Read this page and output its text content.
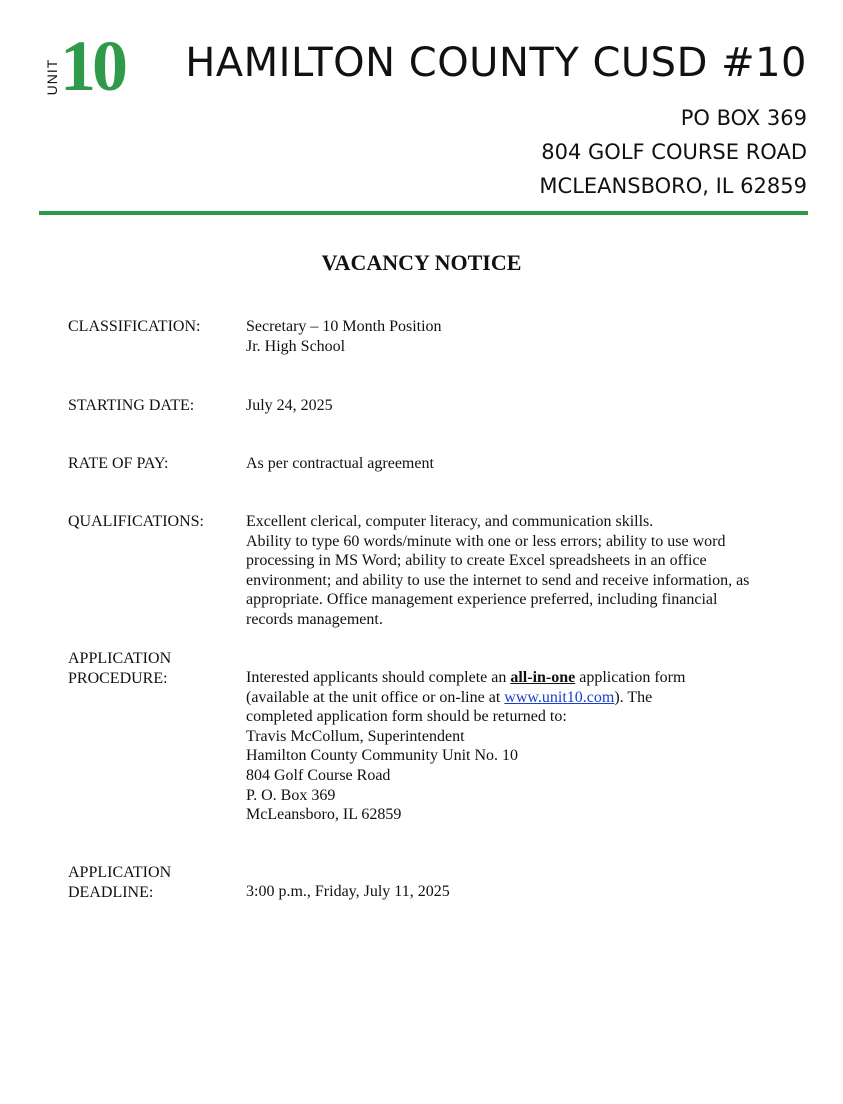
UNIT 10 HAMILTON COUNTY CUSD #10
PO BOX 369
804 GOLF COURSE ROAD
MCLEANSBORO, IL 62859
VACANCY NOTICE
CLASSIFICATION:	Secretary – 10 Month Position
Jr. High School
STARTING DATE:	July 24, 2025
RATE OF PAY:	As per contractual agreement
QUALIFICATIONS:	Excellent clerical, computer literacy, and communication skills.
Ability to type 60 words/minute with one or less errors; ability to use word
processing in MS Word; ability to create Excel spreadsheets in an office
environment; and ability to use the internet to send and receive information, as
appropriate. Office management experience preferred, including financial
records management.
APPLICATION
PROCEDURE:	Interested applicants should complete an all-in-one application form
(available at the unit office or on-line at www.unit10.com). The
completed application form should be returned to:
Travis McCollum, Superintendent
Hamilton County Community Unit No. 10
804 Golf Course Road
P. O. Box 369
McLeansboro, IL 62859
APPLICATION
DEADLINE:	3:00 p.m., Friday, July 11, 2025
